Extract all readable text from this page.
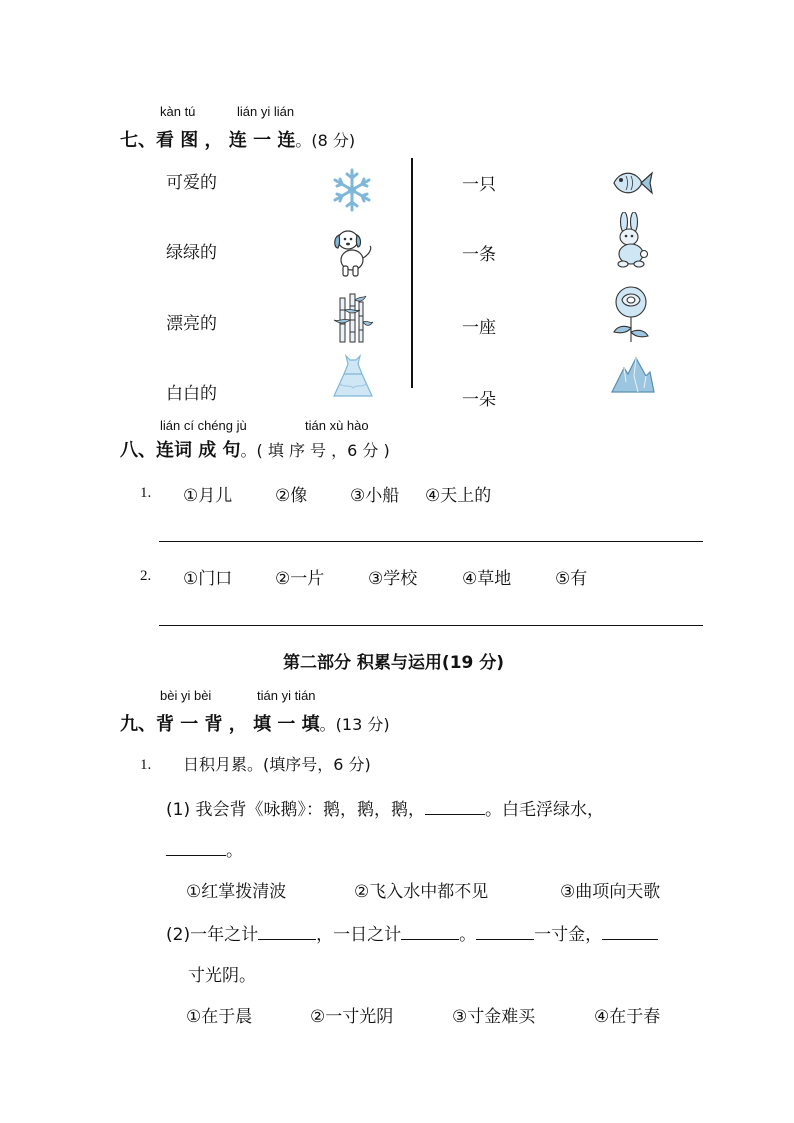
kàn tú	lián yi lián
七、看 图 ， 连 一 连。(8 分)
可爱的
绿绿的
漂亮的
白白的
一只
一条
一座
一朵
lián cí chéng jù	tián xù hào
八、连词 成 句。( 填 序 号 ，6 分 )
1. ①月儿	②像	③小船 ④天上的
2. ①门口	②一片	③学校	④草地	⑤有
第二部分 积累与运用(19 分)
bèi yi bèi	tián yi tián
九、背 一 背 ， 填 一 填。(13 分)
1. 日积月累。(填序号，6 分)
(1) 我会背《咏鹅》：鹅，鹅，鹅，	。白毛浮绿水，
。
①红掌拨清波	②飞入水中都不见	③曲项向天歌
(2)一年之计	，一日之计	。	一寸金，
寸光阴。
①在于晨	②一寸光阴	③寸金难买	④在于春
